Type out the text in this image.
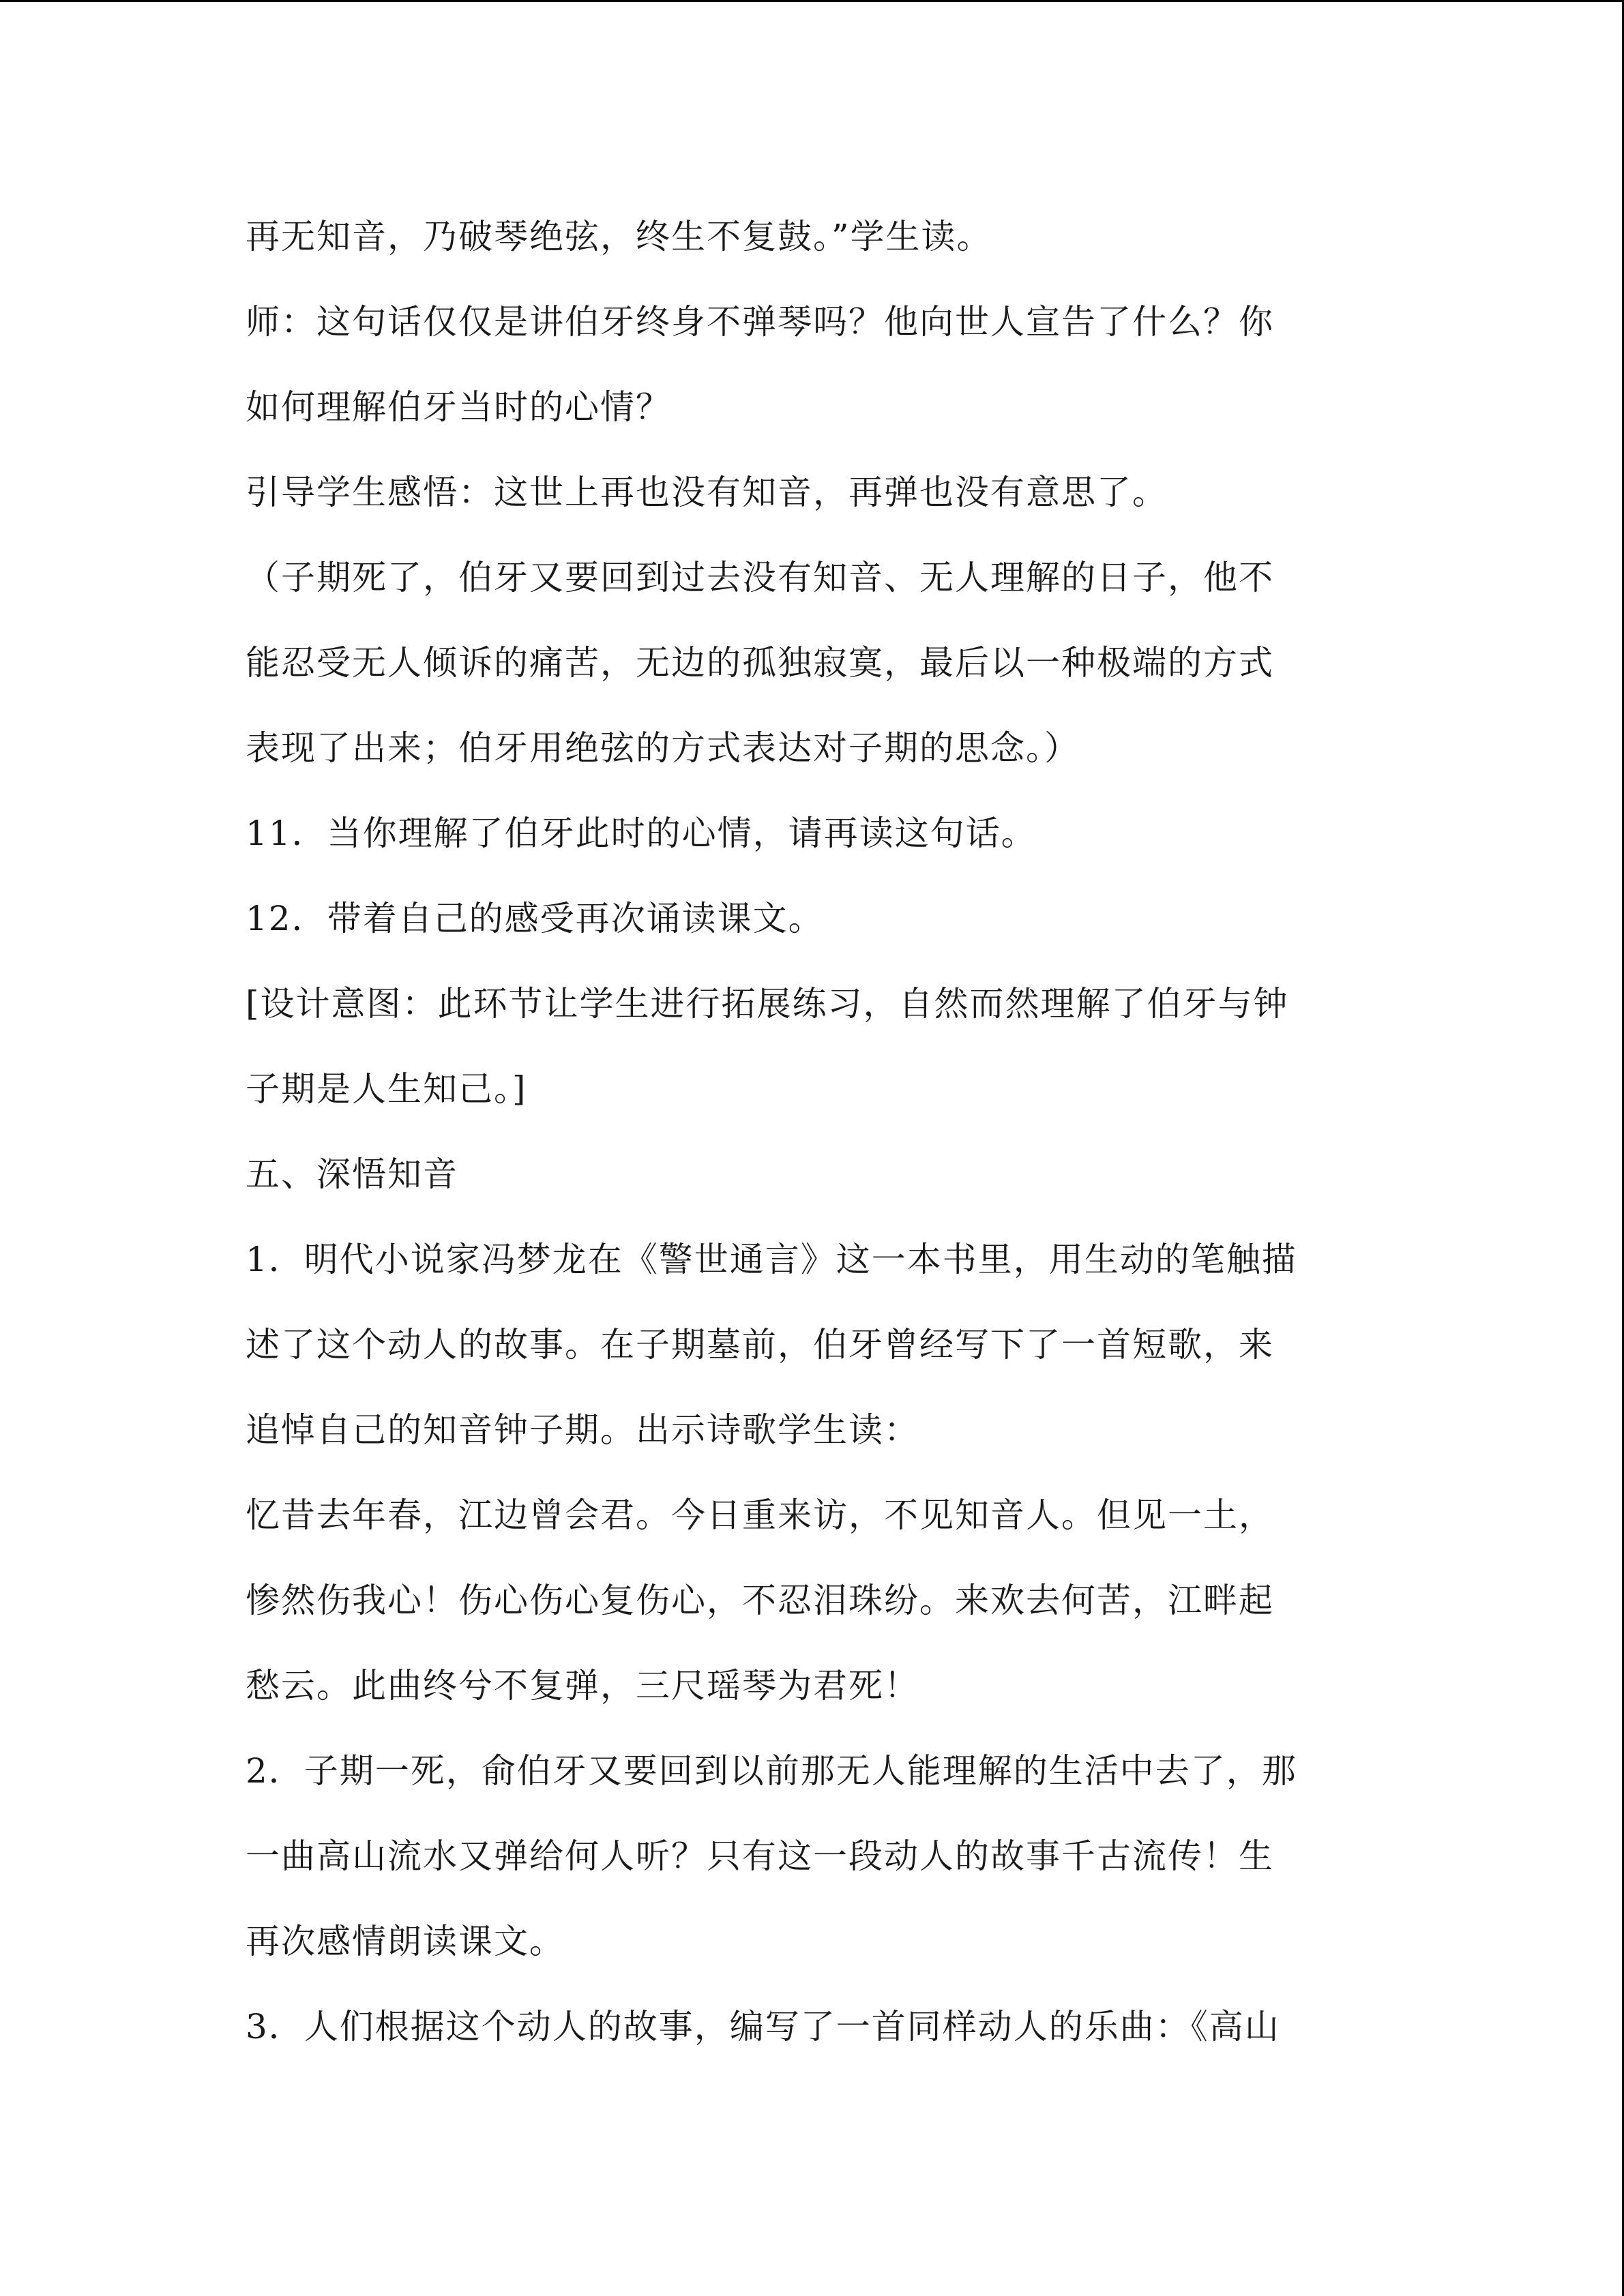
再无知音，乃破琴绝弦，终生不复鼓。”学生读。
师：这句话仅仅是讲伯牙终身不弹琴吗？他向世人宣告了什么？你
如何理解伯牙当时的心情？
引导学生感悟：这世上再也没有知音，再弹也没有意思了。
（子期死了，伯牙又要回到过去没有知音、无人理解的日子，他不
能忍受无人倾诉的痛苦，无边的孤独寂寞，最后以一种极端的方式
表现了出来；伯牙用绝弦的方式表达对子期的思念。）
11．当你理解了伯牙此时的心情，请再读这句话。
12．带着自己的感受再次诵读课文。
[设计意图：此环节让学生进行拓展练习，自然而然理解了伯牙与钟
子期是人生知己。]
五、深悟知音
1．明代小说家冯梦龙在《警世通言》这一本书里，用生动的笔触描
述了这个动人的故事。在子期墓前，伯牙曾经写下了一首短歌，来
追悼自己的知音钟子期。出示诗歌学生读：
忆昔去年春，江边曾会君。今日重来访，不见知音人。但见一土，
惨然伤我心！伤心伤心复伤心，不忍泪珠纷。来欢去何苦，江畔起
愁云。此曲终兮不复弹，三尺瑶琴为君死！
2．子期一死，俞伯牙又要回到以前那无人能理解的生活中去了，那
一曲高山流水又弹给何人听？只有这一段动人的故事千古流传！生
再次感情朗读课文。
3．人们根据这个动人的故事，编写了一首同样动人的乐曲：《高山
